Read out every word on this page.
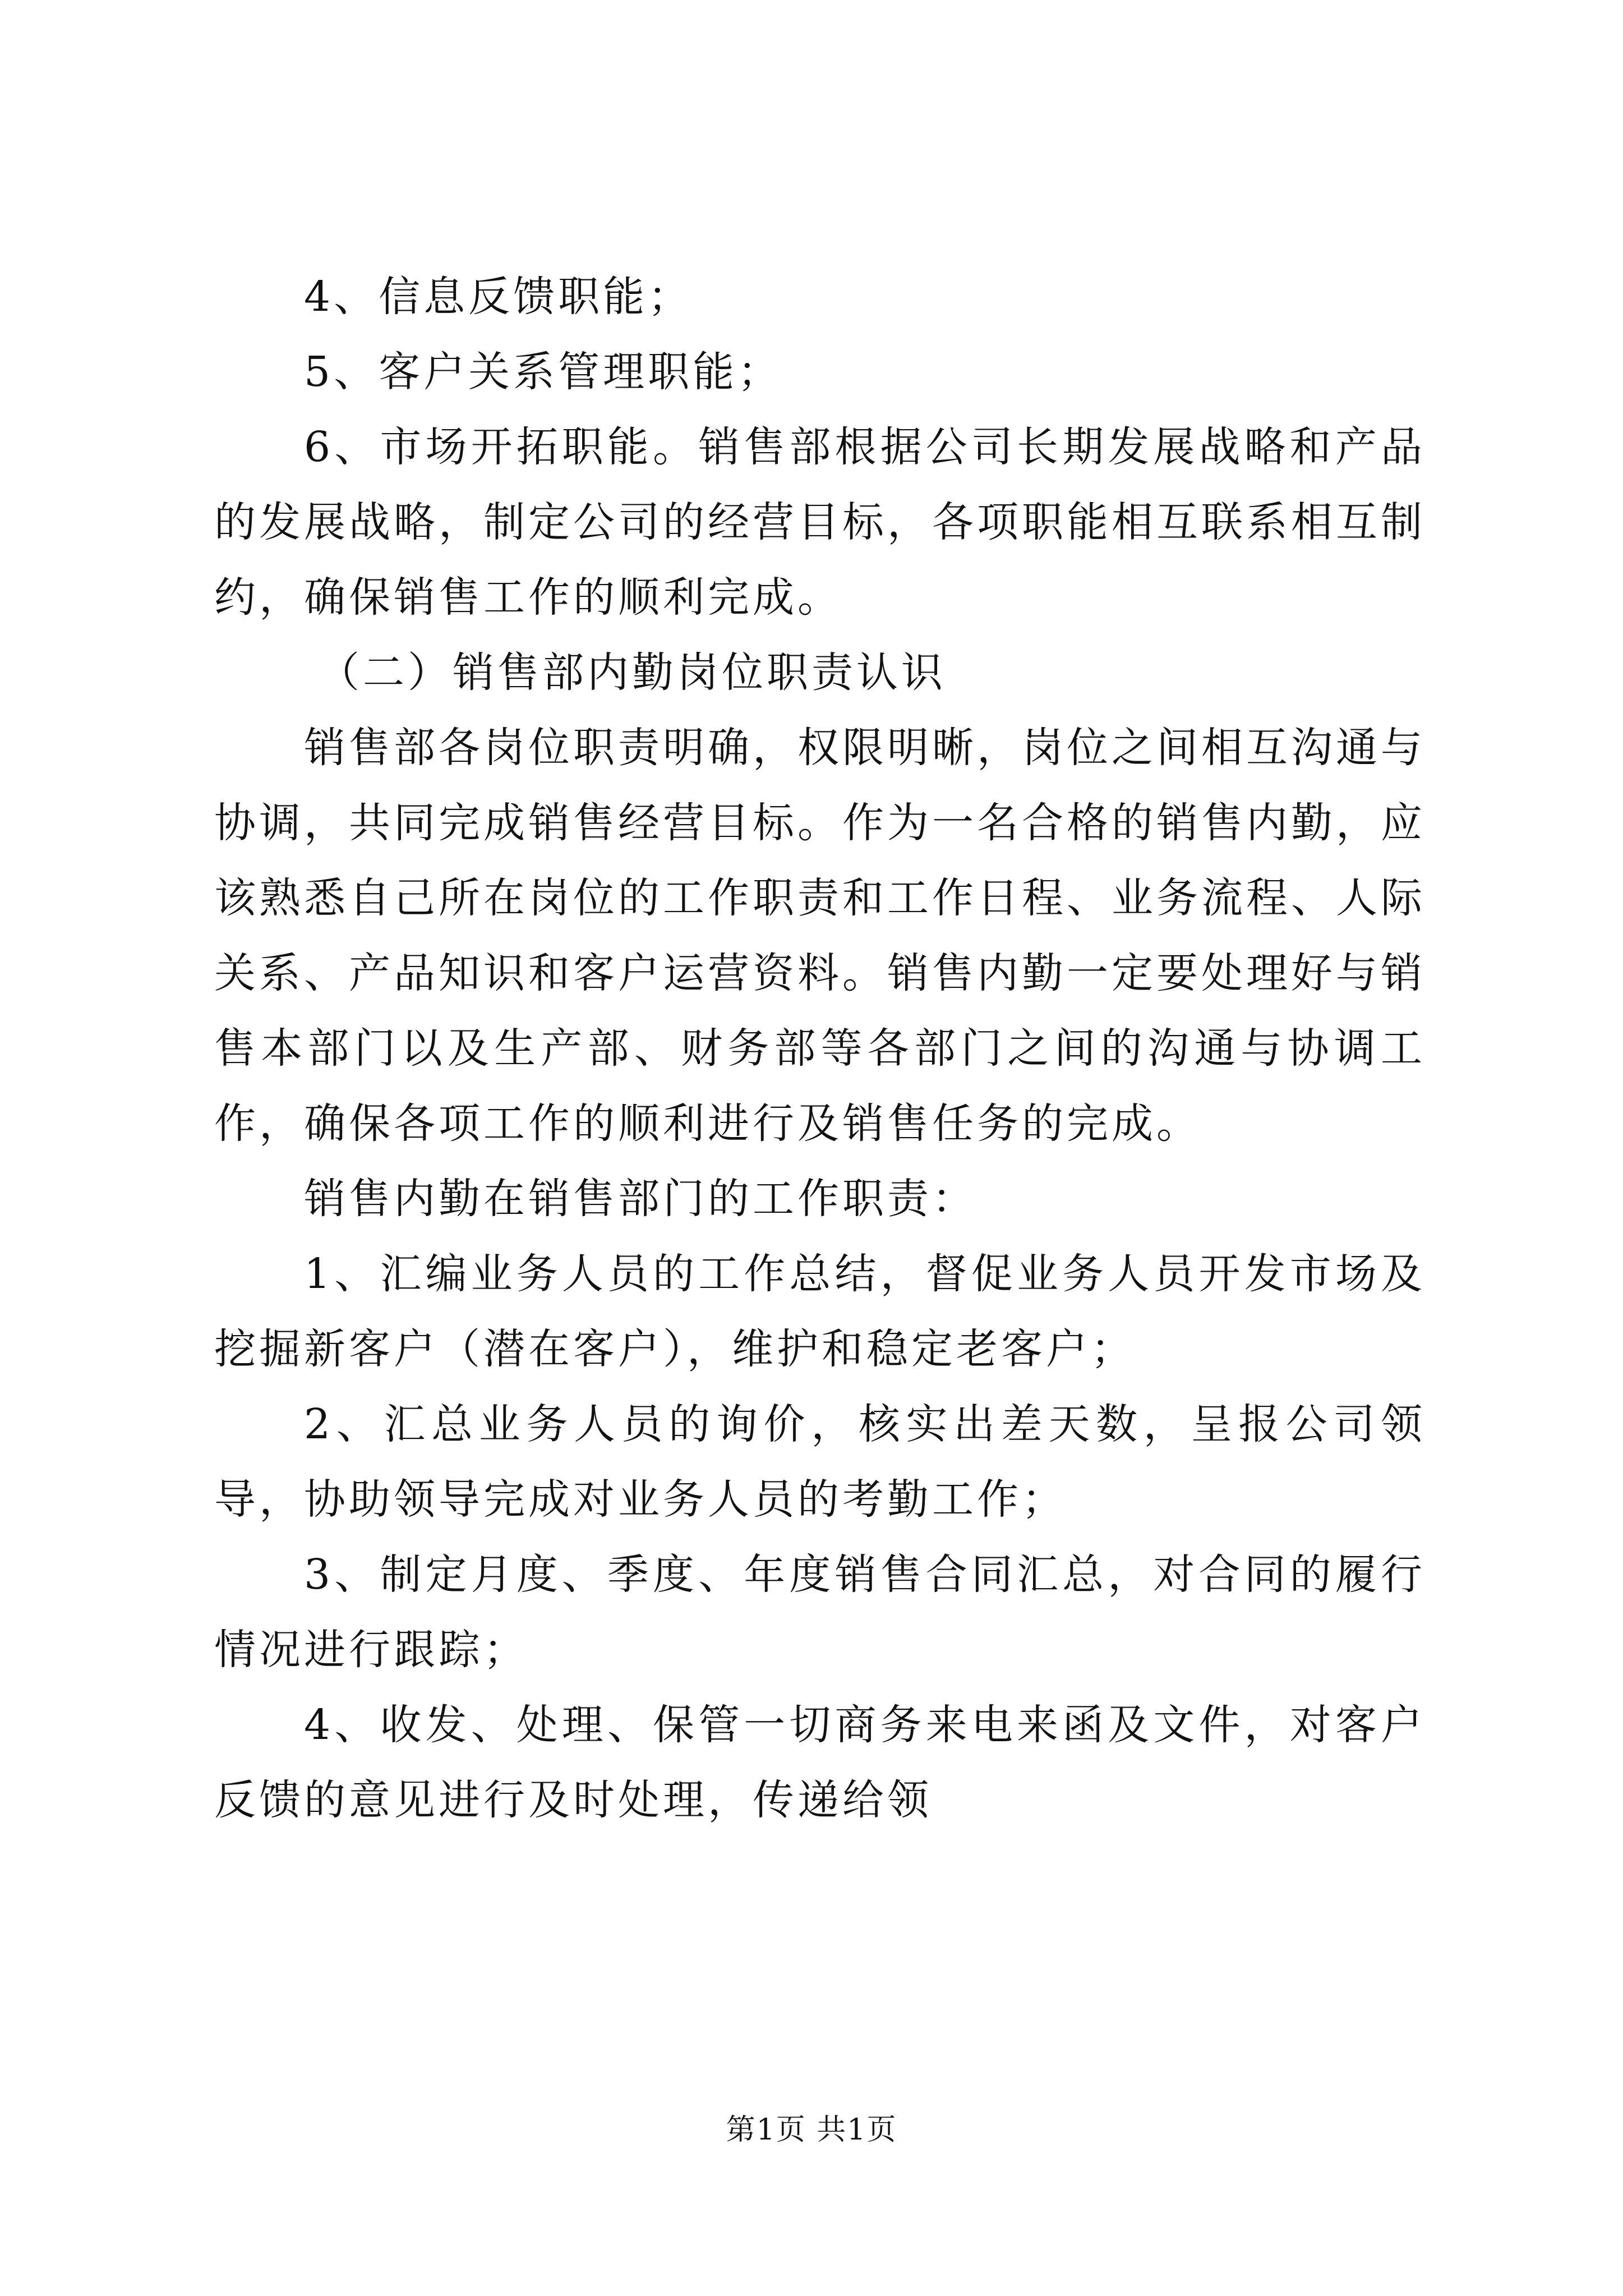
4、信息反馈职能；

5、客户关系管理职能；

6、市场开拓职能。销售部根据公司长期发展战略和产品的发展战略，制定公司的经营目标，各项职能相互联系相互制约，确保销售工作的顺利完成。

（二）销售部内勤岗位职责认识

销售部各岗位职责明确，权限明晰，岗位之间相互沟通与协调，共同完成销售经营目标。作为一名合格的销售内勤，应该熟悉自己所在岗位的工作职责和工作日程、业务流程、人际关系、产品知识和客户运营资料。销售内勤一定要处理好与销售本部门以及生产部、财务部等各部门之间的沟通与协调工作，确保各项工作的顺利进行及销售任务的完成。

销售内勤在销售部门的工作职责：

1、汇编业务人员的工作总结，督促业务人员开发市场及挖掘新客户（潜在客户），维护和稳定老客户；

2、汇总业务人员的询价，核实出差天数，呈报公司领导，协助领导完成对业务人员的考勤工作；

3、制定月度、季度、年度销售合同汇总，对合同的履行情况进行跟踪；

4、收发、处理、保管一切商务来电来函及文件，对客户反馈的意见进行及时处理，传递给领

第1页 共1页
